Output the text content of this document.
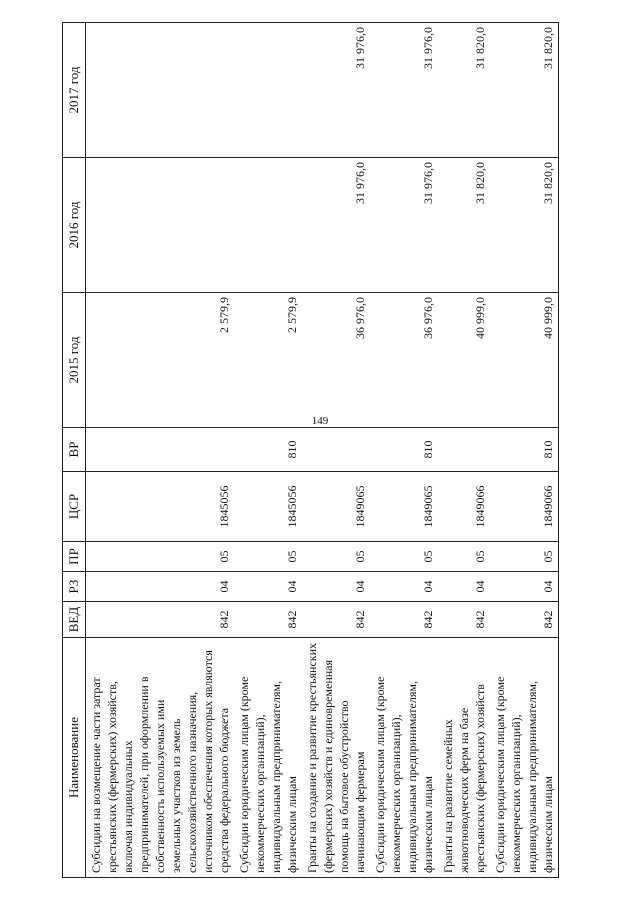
149
Наименование	ВЕД	РЗ	ПР	ЦСР	ВР	2015 год	2016 год	2017 год

Субсидии на возмещение части затрат крестьянских (фермерских) хозяйств, включая индивидуальных предпринимателей, при оформлении в собственность используемых ими земельных участков из земель сельскохозяйственного назначения, источником обеспечения которых являются средства федерального бюджета	842	04	05	1845056		2 579,9		

Субсидии юридическим лицам (кроме некоммерческих организаций), индивидуальным предпринимателям, физическим лицам	842	04	05	1845056	810	2 579,9		

Гранты на создание и развитие крестьянских (фермерских) хозяйств и единовременная помощь на бытовое обустройство начинающим фермерам	842	04	05	1849065		36 976,0	31 976,0	31 976,0

Субсидии юридическим лицам (кроме некоммерческих организаций), индивидуальным предпринимателям, физическим лицам	842	04	05	1849065	810	36 976,0	31 976,0	31 976,0

Гранты на развитие семейных животноводческих ферм на базе крестьянских (фермерских) хозяйств	842	04	05	1849066		40 999,0	31 820,0	31 820,0

Субсидии юридическим лицам (кроме некоммерческих организаций), индивидуальным предпринимателям, физическим лицам	842	04	05	1849066	810	40 999,0	31 820,0	31 820,0
